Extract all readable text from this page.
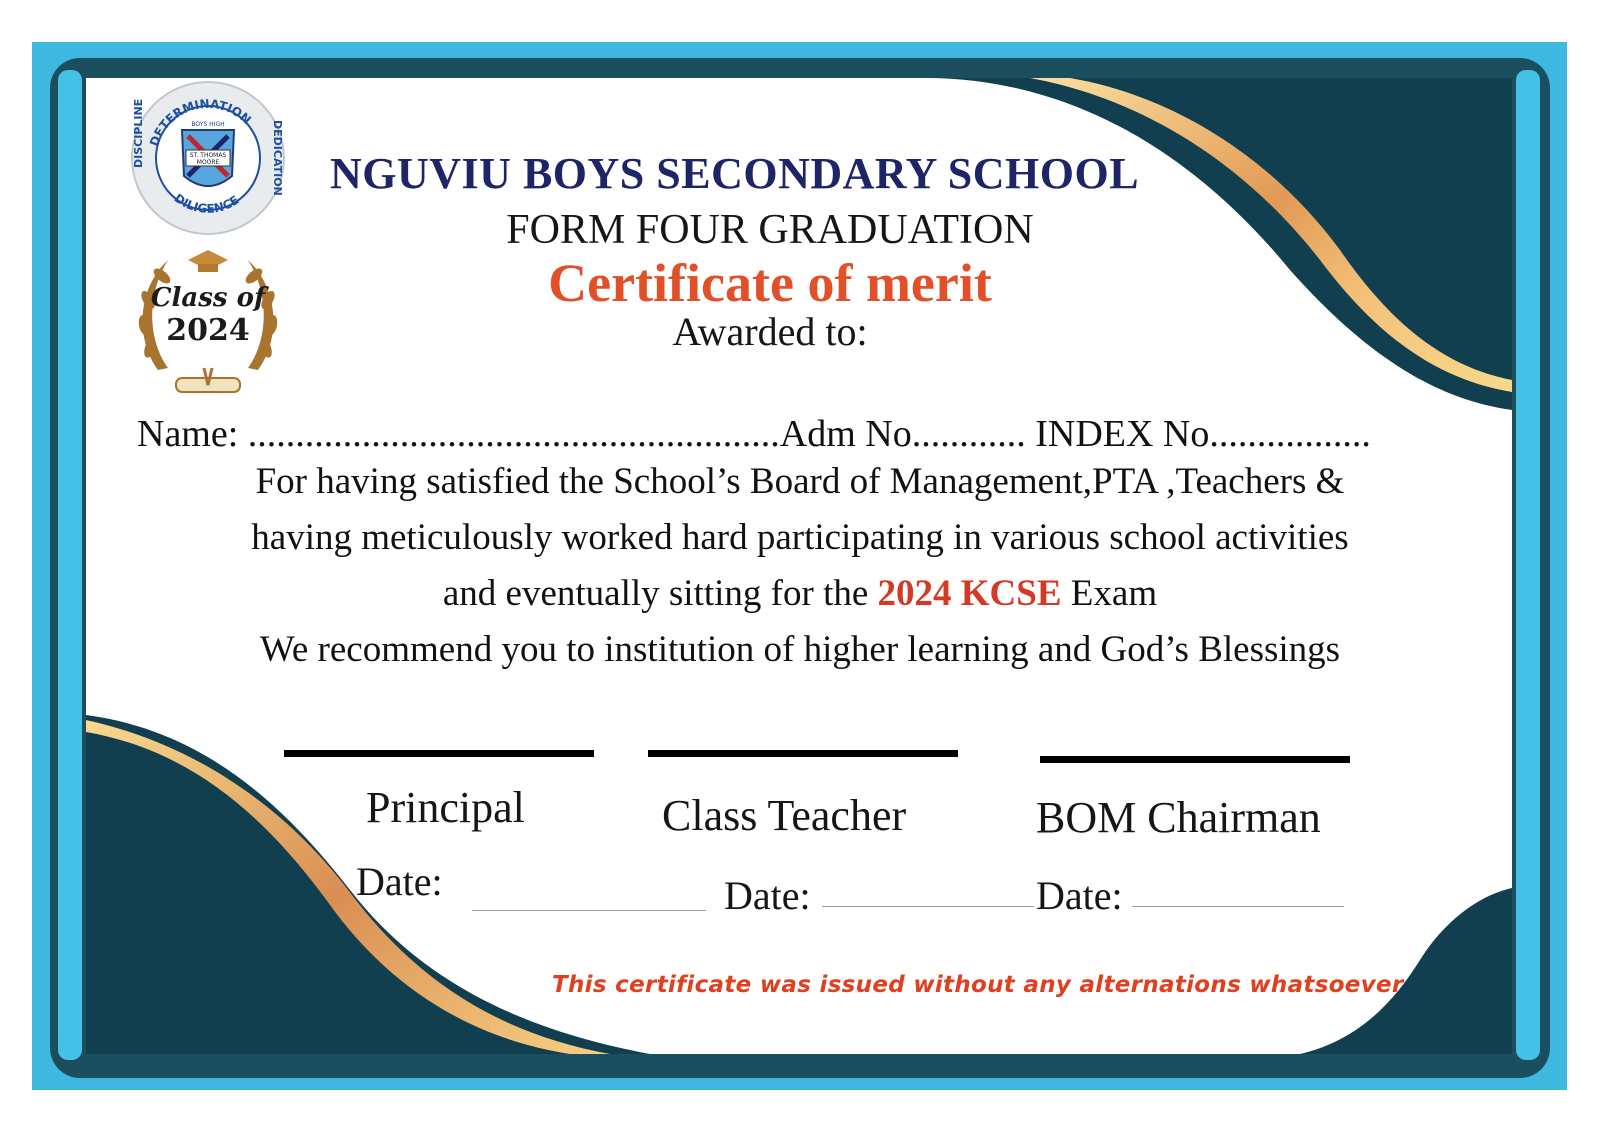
DETERMINATION
DILIGENCE
DISCIPLINE	DEDICATION
ST. THOMAS
MOORE
BOYS HIGH
Class of
2024
NGUVIU BOYS SECONDARY SCHOOL
FORM FOUR GRADUATION
Certificate of merit
Awarded to:
Name: ........................................................Adm No............ INDEX No.................
For having satisfied the School’s Board of Management,PTA ,Teachers &
having meticulously worked hard participating in various school activities
and eventually sitting for the 2024 KCSE Exam
We recommend you to institution of higher learning and God’s Blessings
Principal	Class Teacher	BOM Chairman
Date:	Date:	Date:
This certificate was issued without any alternations whatsoever
